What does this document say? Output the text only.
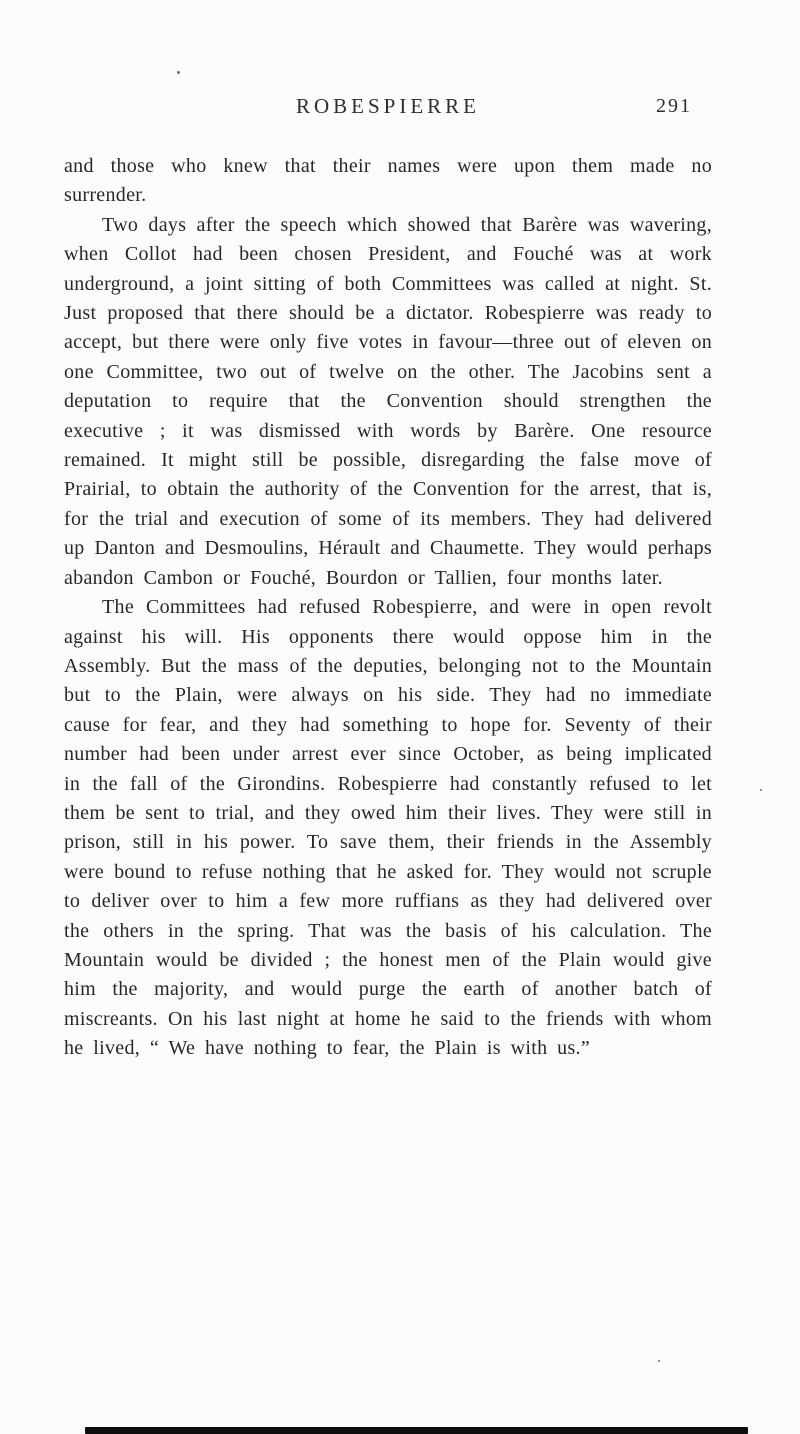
ROBESPIERRE	291

and those who knew that their names were upon them made no surrender.

Two days after the speech which showed that Barère was wavering, when Collot had been chosen President, and Fouché was at work underground, a joint sitting of both Committees was called at night. St. Just proposed that there should be a dictator. Robespierre was ready to accept, but there were only five votes in favour—three out of eleven on one Committee, two out of twelve on the other. The Jacobins sent a deputation to require that the Convention should strengthen the executive ; it was dismissed with words by Barère. One resource remained. It might still be possible, disregarding the false move of Prairial, to obtain the authority of the Convention for the arrest, that is, for the trial and execution of some of its members. They had delivered up Danton and Desmoulins, Hérault and Chaumette. They would perhaps abandon Cambon or Fouché, Bourdon or Tallien, four months later.

The Committees had refused Robespierre, and were in open revolt against his will. His opponents there would oppose him in the Assembly. But the mass of the deputies, belonging not to the Mountain but to the Plain, were always on his side. They had no immediate cause for fear, and they had something to hope for. Seventy of their number had been under arrest ever since October, as being implicated in the fall of the Girondins. Robespierre had constantly refused to let them be sent to trial, and they owed him their lives. They were still in prison, still in his power. To save them, their friends in the Assembly were bound to refuse nothing that he asked for. They would not scruple to deliver over to him a few more ruffians as they had delivered over the others in the spring. That was the basis of his calculation. The Mountain would be divided ; the honest men of the Plain would give him the majority, and would purge the earth of another batch of miscreants. On his last night at home he said to the friends with whom he lived, “ We have nothing to fear, the Plain is with us.”
